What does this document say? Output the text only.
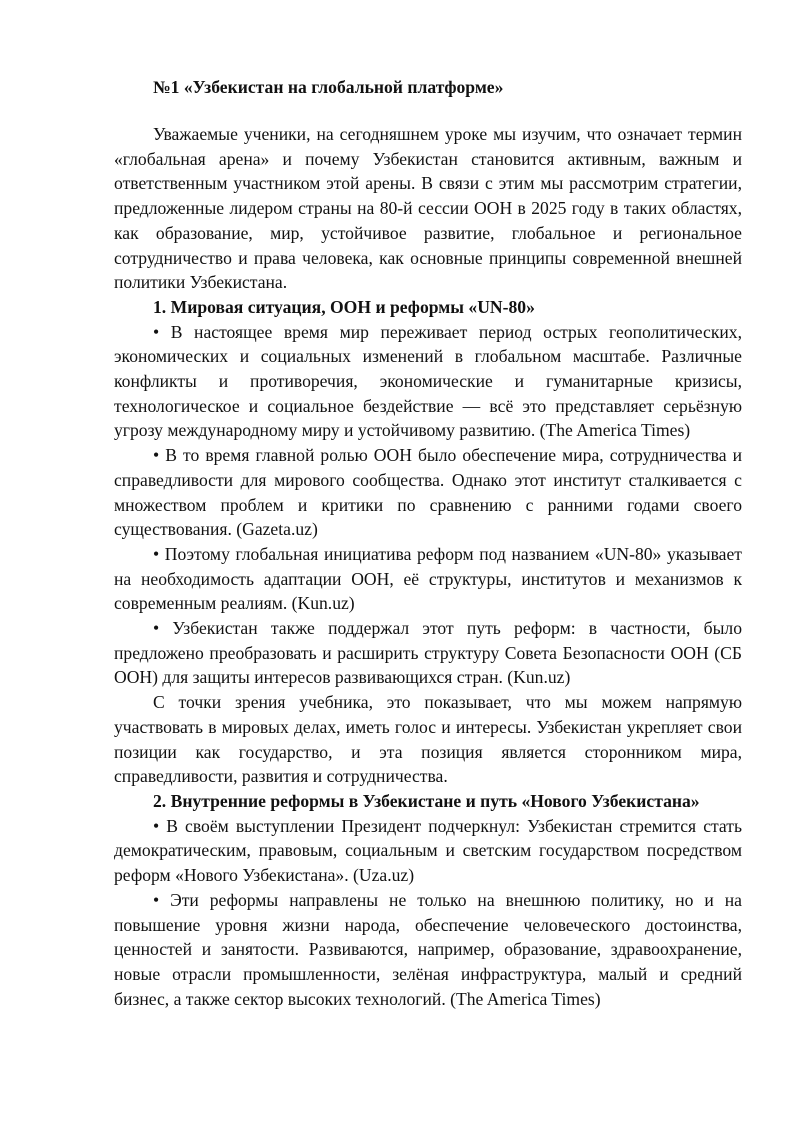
№1 «Узбекистан на глобальной платформе»

Уважаемые ученики, на сегодняшнем уроке мы изучим, что означает термин «глобальная арена» и почему Узбекистан становится активным, важным и ответственным участником этой арены. В связи с этим мы рассмотрим стратегии, предложенные лидером страны на 80-й сессии ООН в 2025 году в таких областях, как образование, мир, устойчивое развитие, глобальное и региональное сотрудничество и права человека, как основные принципы современной внешней политики Узбекистана.

1. Мировая ситуация, ООН и реформы «UN-80»

• В настоящее время мир переживает период острых геополитических, экономических и социальных изменений в глобальном масштабе. Различные конфликты и противоречия, экономические и гуманитарные кризисы, технологическое и социальное бездействие — всё это представляет серьёзную угрозу международному миру и устойчивому развитию. (The America Times)

• В то время главной ролью ООН было обеспечение мира, сотрудничества и справедливости для мирового сообщества. Однако этот институт сталкивается с множеством проблем и критики по сравнению с ранними годами своего существования. (Gazeta.uz)

• Поэтому глобальная инициатива реформ под названием «UN-80» указывает на необходимость адаптации ООН, её структуры, институтов и механизмов к современным реалиям. (Kun.uz)

• Узбекистан также поддержал этот путь реформ: в частности, было предложено преобразовать и расширить структуру Совета Безопасности ООН (СБ ООН) для защиты интересов развивающихся стран. (Kun.uz)

С точки зрения учебника, это показывает, что мы можем напрямую участвовать в мировых делах, иметь голос и интересы. Узбекистан укрепляет свои позиции как государство, и эта позиция является сторонником мира, справедливости, развития и сотрудничества.

2. Внутренние реформы в Узбекистане и путь «Нового Узбекистана»

• В своём выступлении Президент подчеркнул: Узбекистан стремится стать демократическим, правовым, социальным и светским государством посредством реформ «Нового Узбекистана». (Uza.uz)

• Эти реформы направлены не только на внешнюю политику, но и на повышение уровня жизни народа, обеспечение человеческого достоинства, ценностей и занятости. Развиваются, например, образование, здравоохранение, новые отрасли промышленности, зелёная инфраструктура, малый и средний бизнес, а также сектор высоких технологий. (The America Times)
